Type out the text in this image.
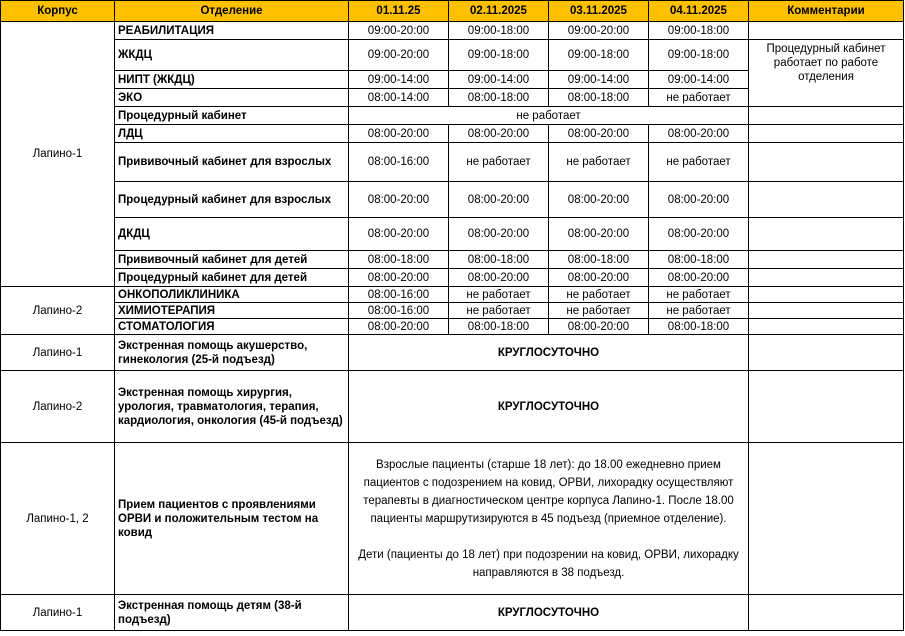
Корпус	Отделение	01.11.25	02.11.2025	03.11.2025	04.11.2025	Комментарии
Лапино-1	РЕАБИЛИТАЦИЯ	09:00-20:00	09:00-18:00	09:00-20:00	09:00-18:00	
	ЖКДЦ	09:00-20:00	09:00-18:00	09:00-18:00	09:00-18:00	Процедурный кабинет работает по работе отделения
	НИПТ (ЖКДЦ)	09:00-14:00	09:00-14:00	09:00-14:00	09:00-14:00	
	ЭКО	08:00-14:00	08:00-18:00	08:00-18:00	не работает	
	Процедурный кабинет	не работает				
	ЛДЦ	08:00-20:00	08:00-20:00	08:00-20:00	08:00-20:00	
	Прививочный кабинет для взрослых	08:00-16:00	не работает	не работает	не работает	
	Процедурный кабинет для взрослых	08:00-20:00	08:00-20:00	08:00-20:00	08:00-20:00	
	ДКДЦ	08:00-20:00	08:00-20:00	08:00-20:00	08:00-20:00	
	Прививочный кабинет для детей	08:00-18:00	08:00-18:00	08:00-18:00	08:00-18:00	
	Процедурный кабинет для детей	08:00-20:00	08:00-20:00	08:00-20:00	08:00-20:00	
Лапино-2	ОНКОПОЛИКЛИНИКА	08:00-16:00	не работает	не работает	не работает	
	ХИМИОТЕРАПИЯ	08:00-16:00	не работает	не работает	не работает	
	СТОМАТОЛОГИЯ	08:00-20:00	08:00-18:00	08:00-20:00	08:00-18:00	
Лапино-1	Экстренная помощь акушерство, гинекология (25-й подъезд)	КРУГЛОСУТОЧНО				
Лапино-2	Экстренная помощь хирургия, урология, травматология, терапия, кардиология, онкология (45-й подъезд)	КРУГЛОСУТОЧНО				
Лапино-1, 2	Прием пациентов с проявлениями ОРВИ и положительным тестом на ковид	Взрослые пациенты (старше 18 лет): до 18.00 ежедневно прием пациентов с подозрением на ковид, ОРВИ, лихорадку осуществляют терапевты в диагностическом центре корпуса Лапино-1. После 18.00 пациенты маршрутизируются в 45 подъезд (приемное отделение).
Дети (пациенты до 18 лет) при подозрении на ковид, ОРВИ, лихорадку направляются в 38 подъезд.				
Лапино-1	Экстренная помощь детям (38-й подъезд)	КРУГЛОСУТОЧНО				
